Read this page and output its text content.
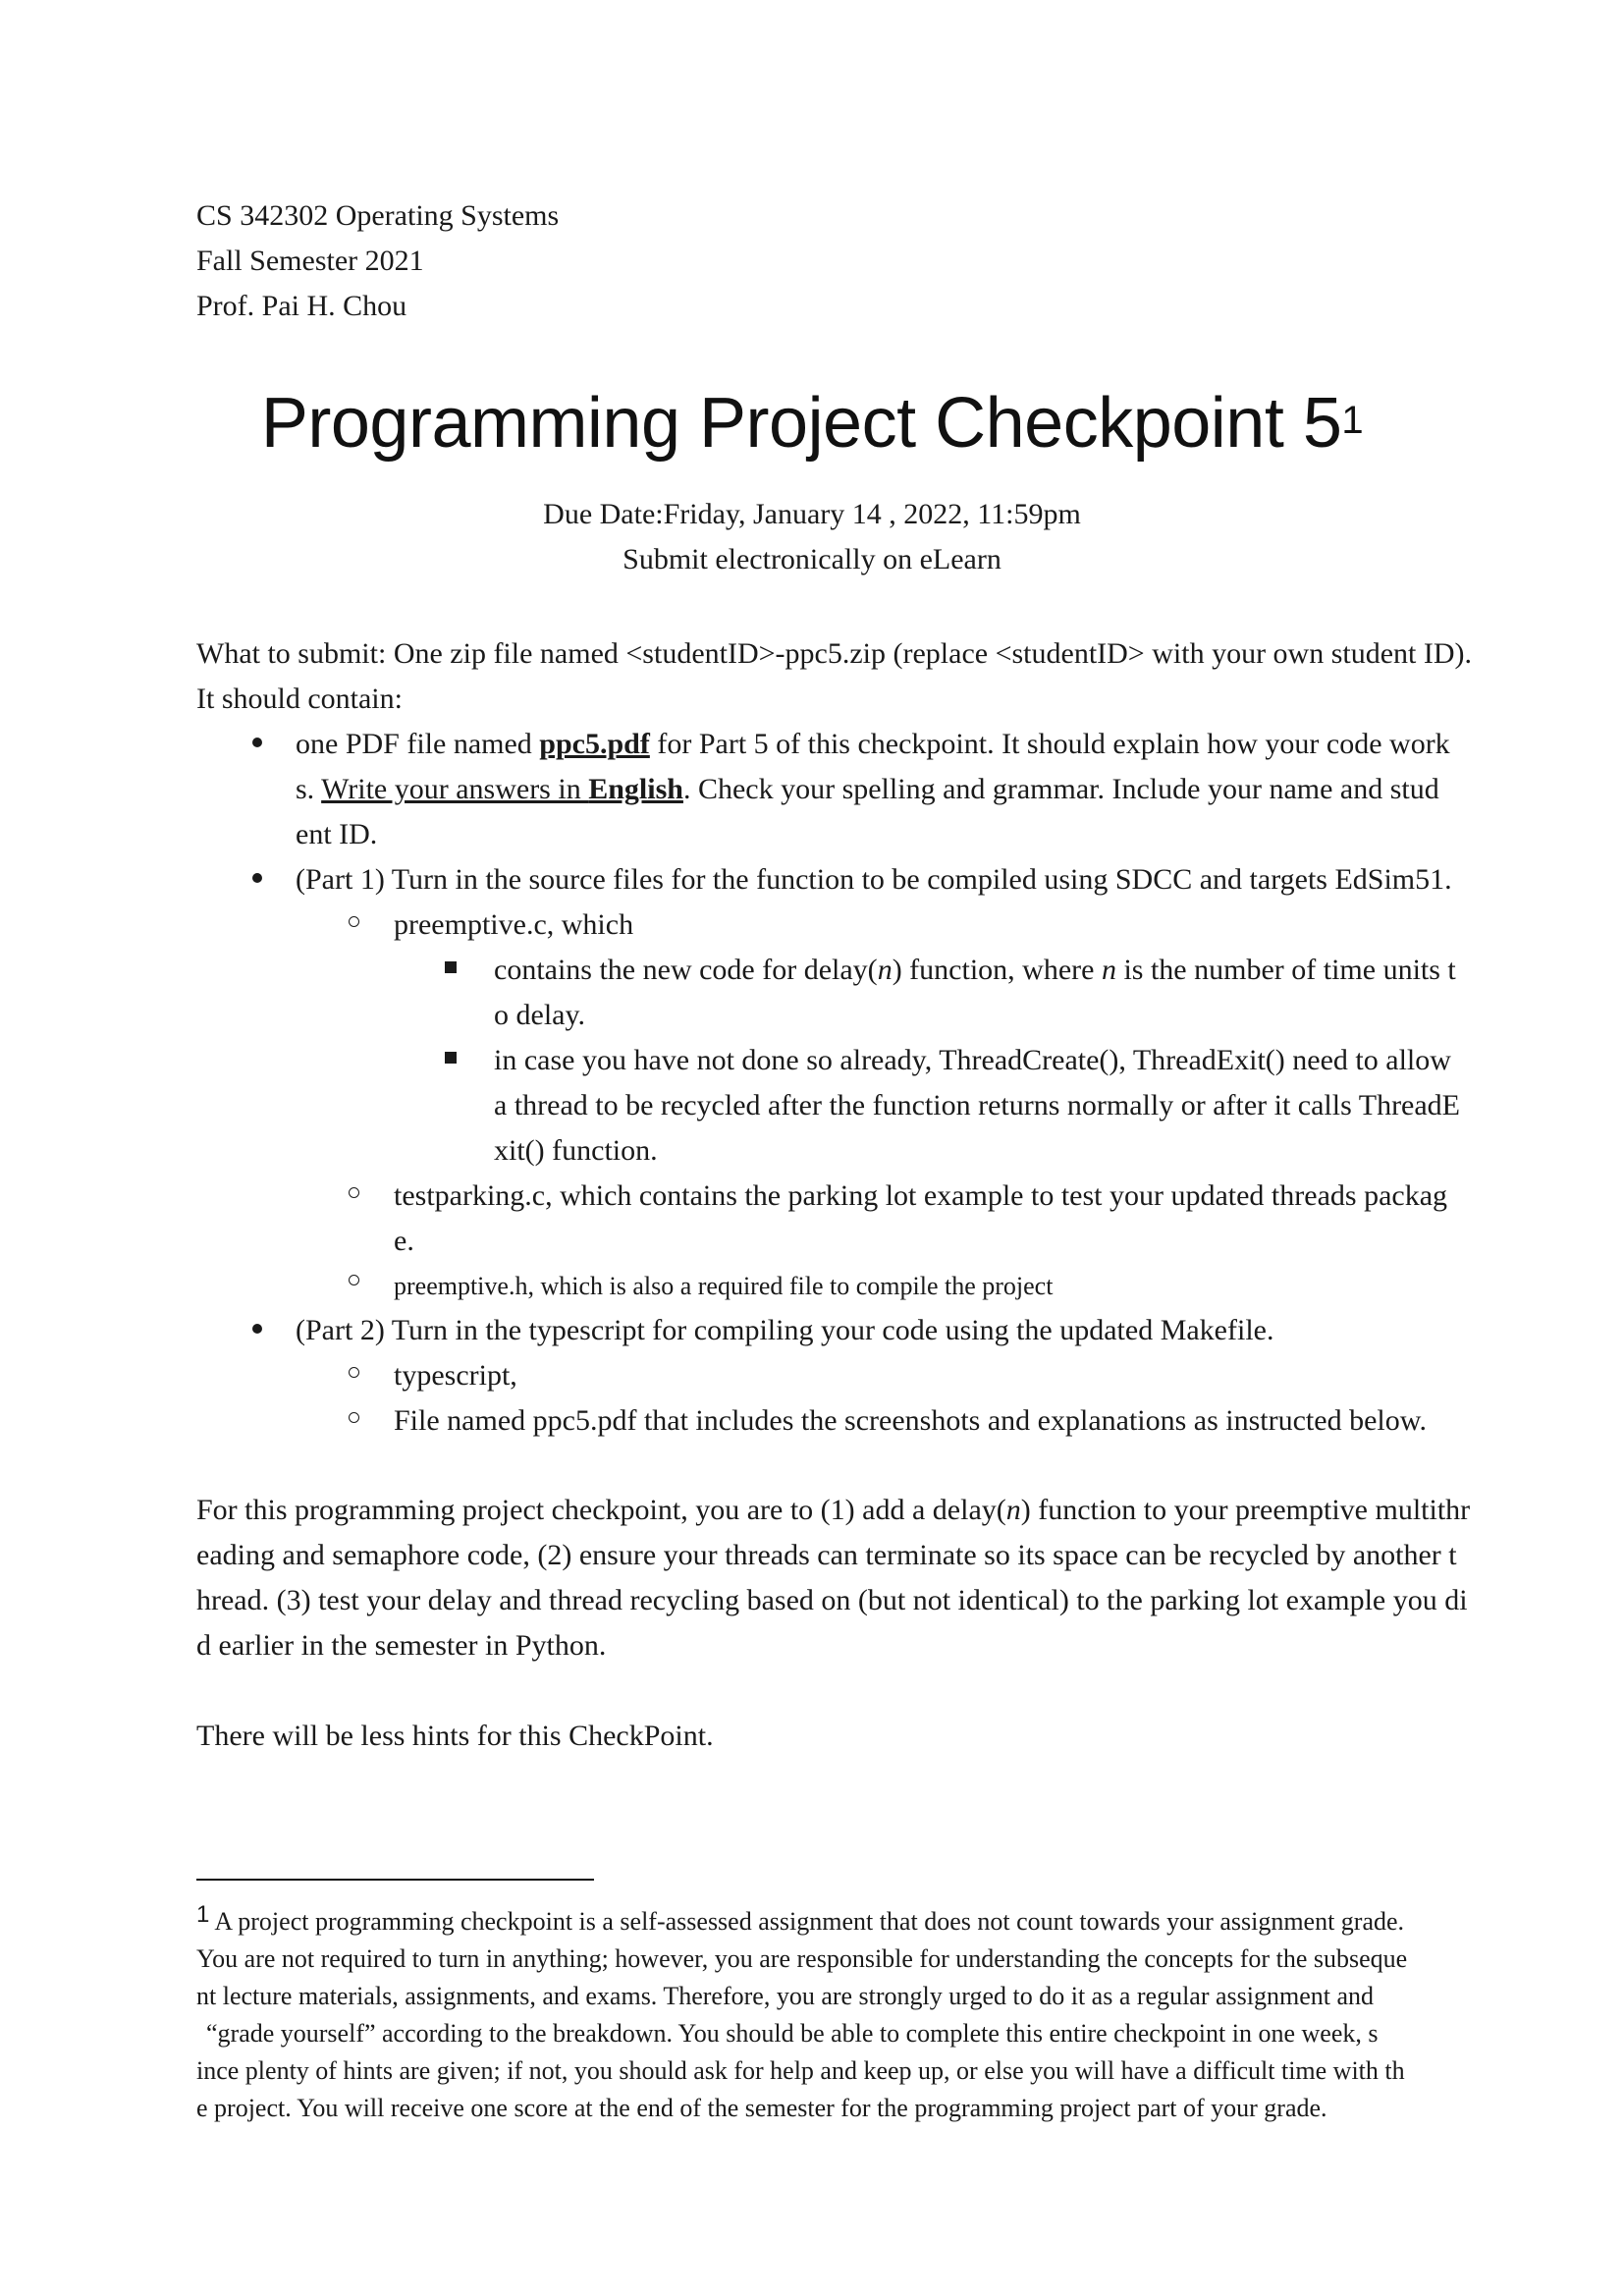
CS 342302 Operating Systems
Fall Semester 2021
Prof. Pai H. Chou
Programming Project Checkpoint $5^1$
Due Date:Friday, January 14 , 2022, 11:59pm
Submit electronically on eLearn
What to submit: One zip file named <studentID>-ppc5.zip (replace <studentID> with your own student ID).
It should contain:
one PDF file named ppc5.pdf for Part 5 of this checkpoint. It should explain how your code work
s. Write your answers in English. Check your spelling and grammar. Include your name and stud
ent ID.
(Part 1) Turn in the source files for the function to be compiled using SDCC and targets EdSim51.
preemptive.c, which
contains the new code for delay(n) function, where n is the number of time units t
o delay.
in case you have not done so already, ThreadCreate(), ThreadExit() need to allow
a thread to be recycled after the function returns normally or after it calls ThreadE
xit() function.
testparking.c, which contains the parking lot example to test your updated threads packag
e.
preemptive.h, which is also a required file to compile the project
(Part 2) Turn in the typescript for compiling your code using the updated Makefile.
typescript,
File named ppc5.pdf that includes the screenshots and explanations as instructed below.
For this programming project checkpoint, you are to (1) add a delay(n) function to your preemptive multithr
eading and semaphore code, (2) ensure your threads can terminate so its space can be recycled by another t
hread. (3) test your delay and thread recycling based on (but not identical) to the parking lot example you di
d earlier in the semester in Python.
There will be less hints for this CheckPoint.
1 A project programming checkpoint is a self-assessed assignment that does not count towards your assignment grade.
You are not required to turn in anything; however, you are responsible for understanding the concepts for the subseque
nt lecture materials, assignments, and exams. Therefore, you are strongly urged to do it as a regular assignment and
“grade yourself” according to the breakdown. You should be able to complete this entire checkpoint in one week, s
ince plenty of hints are given; if not, you should ask for help and keep up, or else you will have a difficult time with th
e project. You will receive one score at the end of the semester for the programming project part of your grade.
